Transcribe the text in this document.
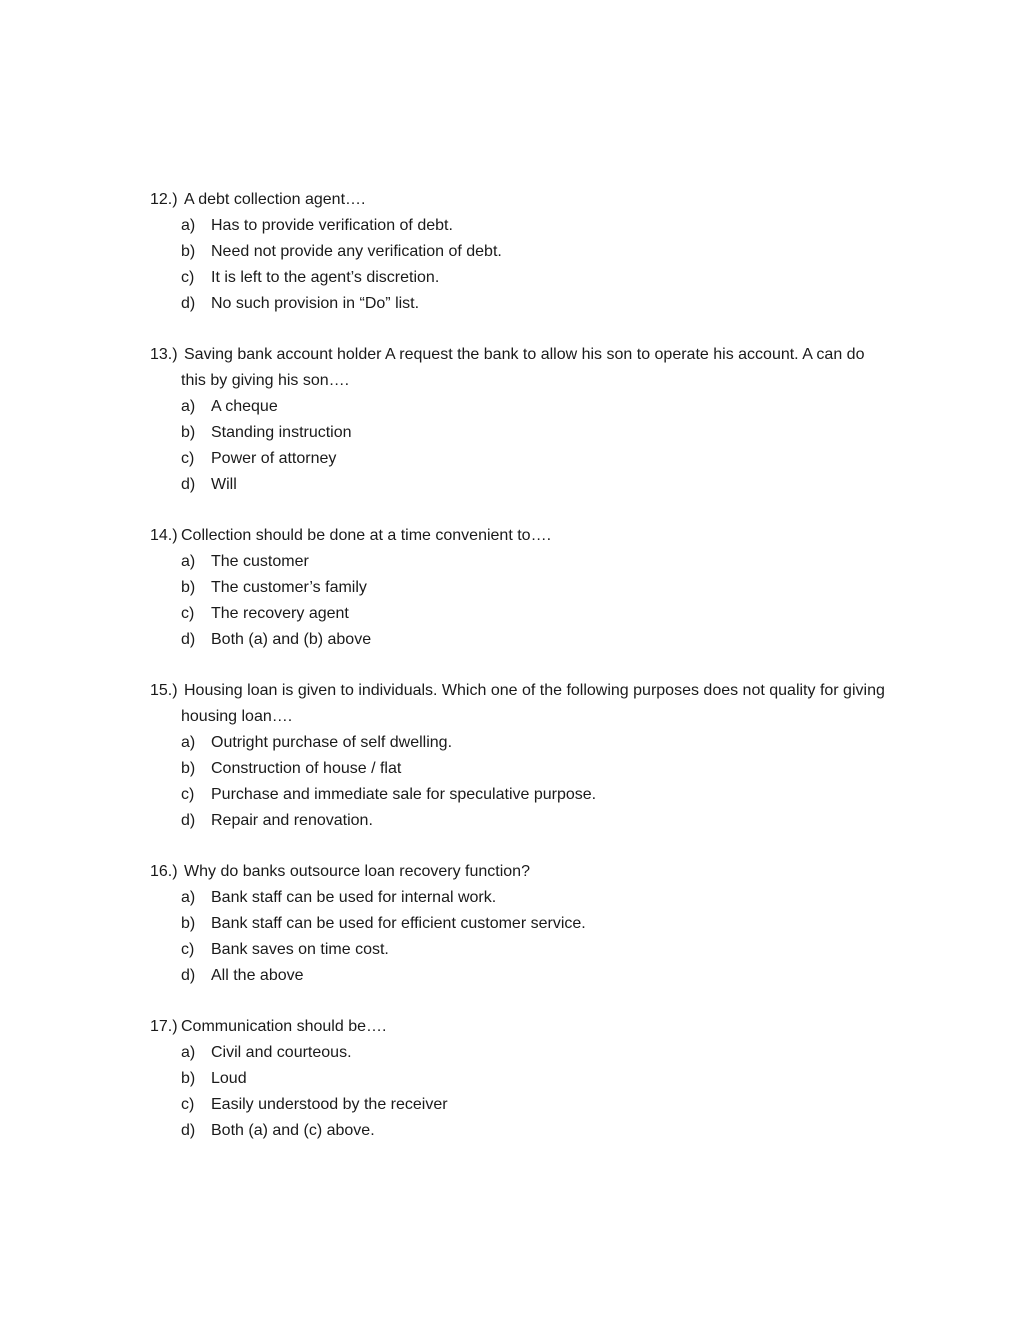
12.) A debt collection agent….
a) Has to provide verification of debt.
b) Need not provide any verification of debt.
c) It is left to the agent’s discretion.
d) No such provision in “Do” list.
13.) Saving bank account holder A request the bank to allow his son to operate his account. A can do this by giving his son….
a) A cheque
b) Standing instruction
c) Power of attorney
d) Will
14.) Collection should be done at a time convenient to….
a) The customer
b) The customer’s family
c) The recovery agent
d) Both (a) and (b) above
15.) Housing loan is given to individuals. Which one of the following purposes does not quality for giving housing loan….
a) Outright purchase of self dwelling.
b) Construction of house / flat
c) Purchase and immediate sale for speculative purpose.
d) Repair and renovation.
16.) Why do banks outsource loan recovery function?
a) Bank staff can be used for internal work.
b) Bank staff can be used for efficient customer service.
c) Bank saves on time cost.
d) All the above
17.) Communication should be….
a) Civil and courteous.
b) Loud
c) Easily understood by the receiver
d) Both (a) and (c) above.
